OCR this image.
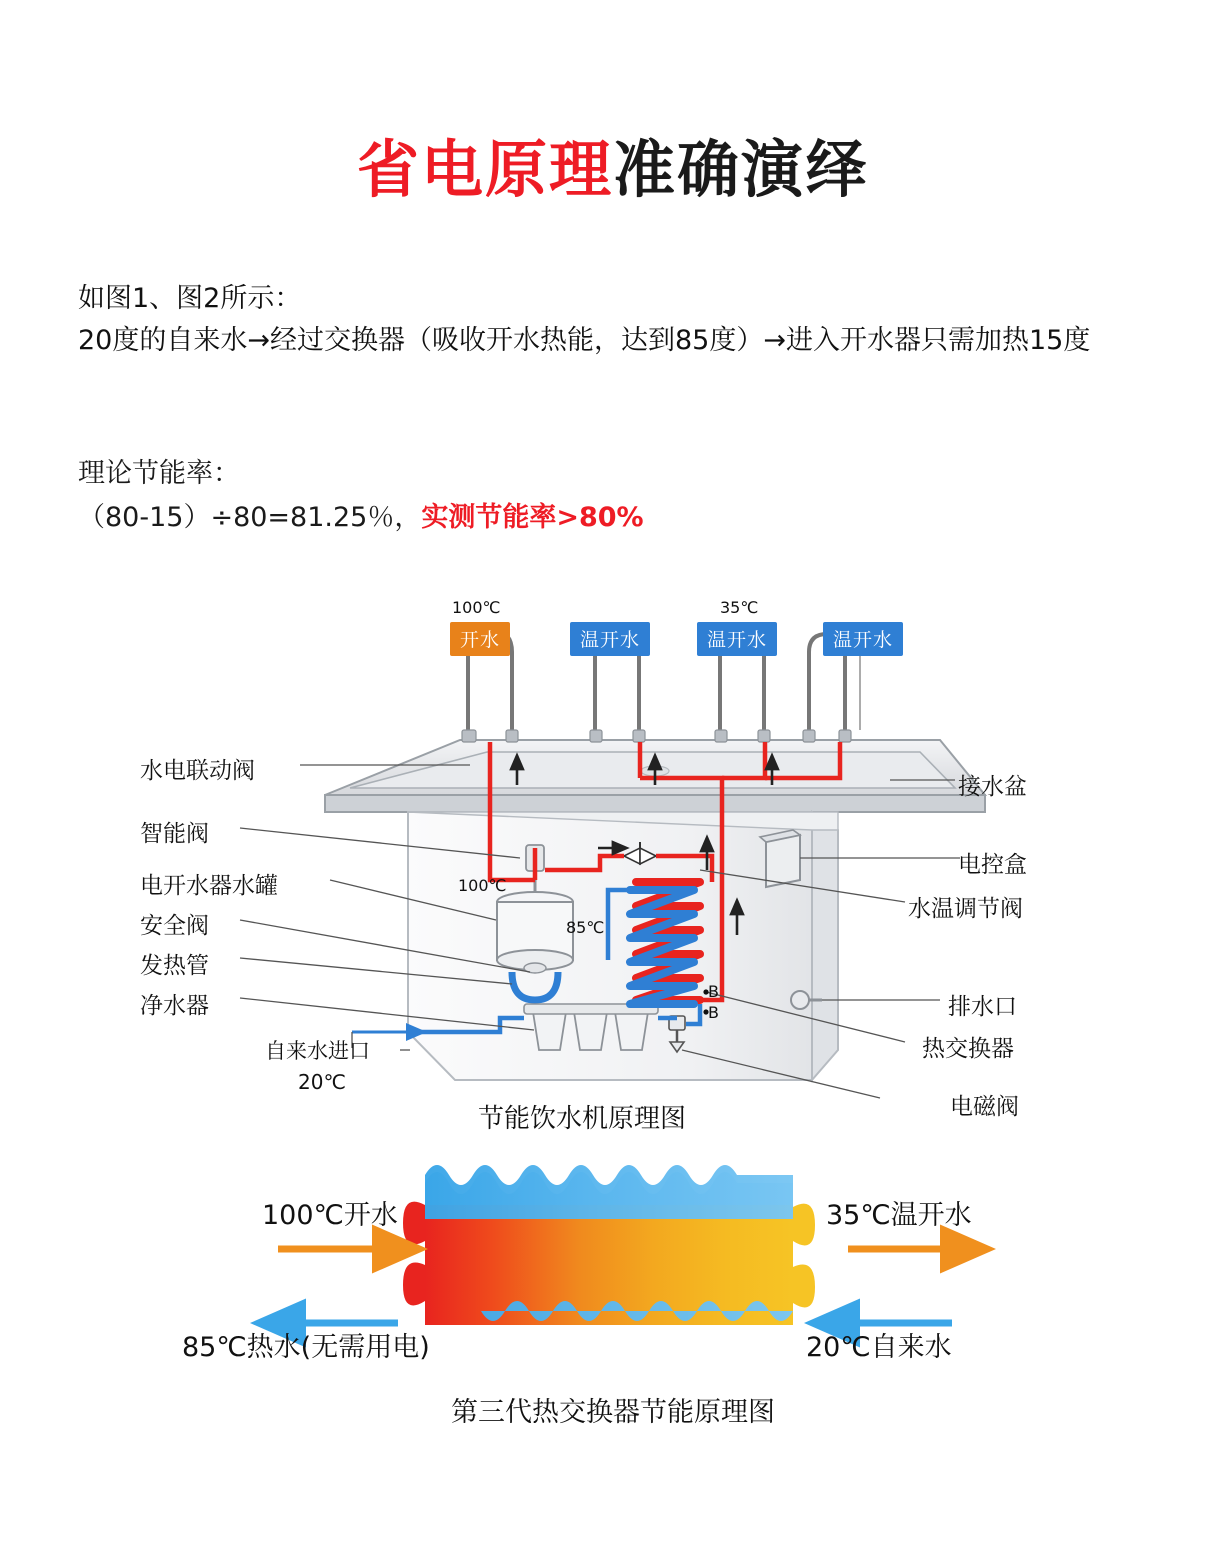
省电原理准确演绎
如图1、图2所示：
20度的自来水→经过交换器（吸收开水热能，达到85度）→进入开水器只需加热15度
理论节能率：
（80-15）÷80=81.25％，实测节能率>80%
100℃
开水	温开水
35℃
温开水	温开水
水电联动阀
智能阀
电开水器水罐
安全阀
发热管
净水器
接水盆
电控盒
水温调节阀
排水口
热交换器
电磁阀
自来水进口
20℃
100℃
85℃
B
B
节能饮水机原理图
100℃开水	35℃温开水
85℃热水(无需用电)	20℃自来水
第三代热交换器节能原理图
